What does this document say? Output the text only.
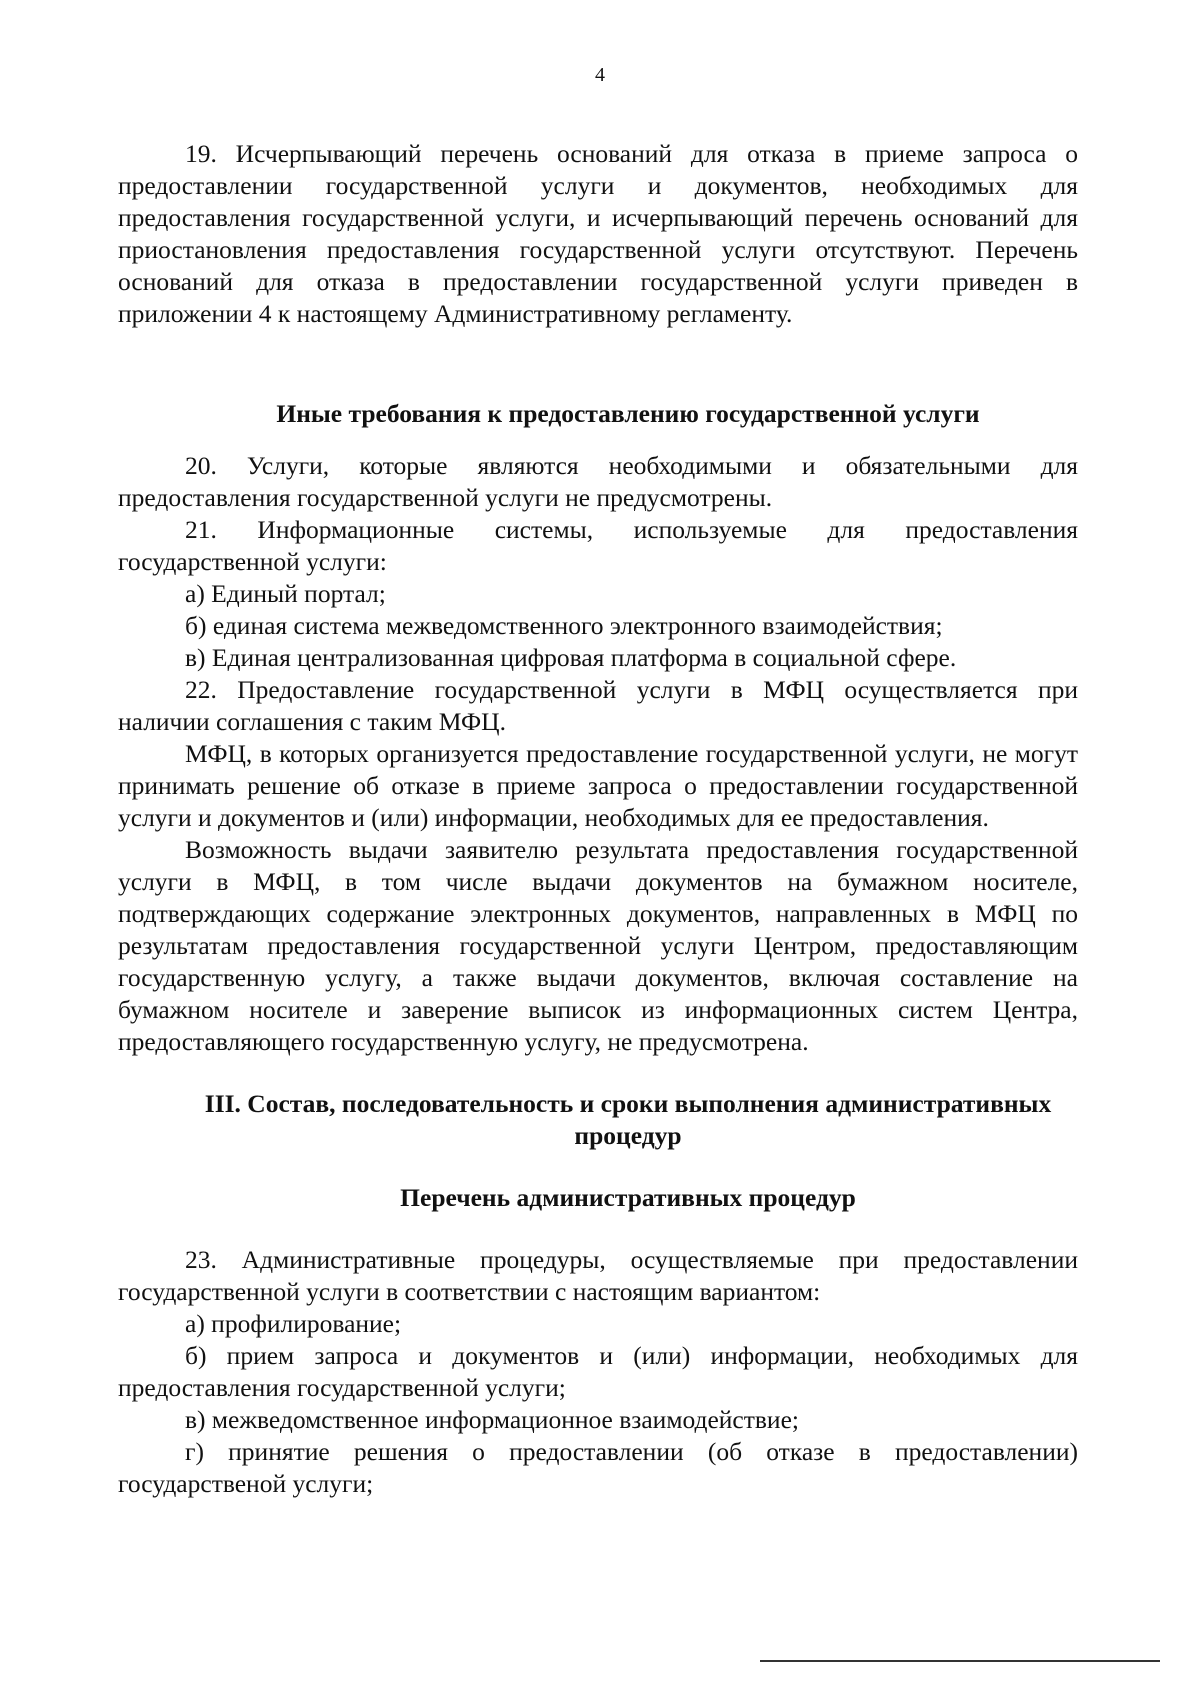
4

19. Исчерпывающий перечень оснований для отказа в приеме запроса о предоставлении государственной услуги и документов, необходимых для предоставления государственной услуги, и исчерпывающий перечень оснований для приостановления предоставления государственной услуги отсутствуют. Перечень оснований для отказа в предоставлении государственной услуги приведен в приложении 4 к настоящему Административному регламенту.

Иные требования к предоставлению государственной услуги

20. Услуги, которые являются необходимыми и обязательными для предоставления государственной услуги не предусмотрены.

21. Информационные системы, используемые для предоставления государственной услуги:

а) Единый портал;

б) единая система межведомственного электронного взаимодействия;

в) Единая централизованная цифровая платформа в социальной сфере.

22. Предоставление государственной услуги в МФЦ осуществляется при наличии соглашения с таким МФЦ.

МФЦ, в которых организуется предоставление государственной услуги, не могут принимать решение об отказе в приеме запроса о предоставлении государственной услуги и документов и (или) информации, необходимых для ее предоставления.

Возможность выдачи заявителю результата предоставления государственной услуги в МФЦ, в том числе выдачи документов на бумажном носителе, подтверждающих содержание электронных документов, направленных в МФЦ по результатам предоставления государственной услуги Центром, предоставляющим государственную услугу, а также выдачи документов, включая составление на бумажном носителе и заверение выписок из информационных систем Центра, предоставляющего государственную услугу, не предусмотрена.

III. Состав, последовательность и сроки выполнения административных

процедур

Перечень административных процедур

23. Административные процедуры, осуществляемые при предоставлении государственной услуги в соответствии с настоящим вариантом:

а) профилирование;

б) прием запроса и документов и (или) информации, необходимых для предоставления государственной услуги;

в) межведомственное информационное взаимодействие;

г) принятие решения о предоставлении (об отказе в предоставлении) государственой услуги;
